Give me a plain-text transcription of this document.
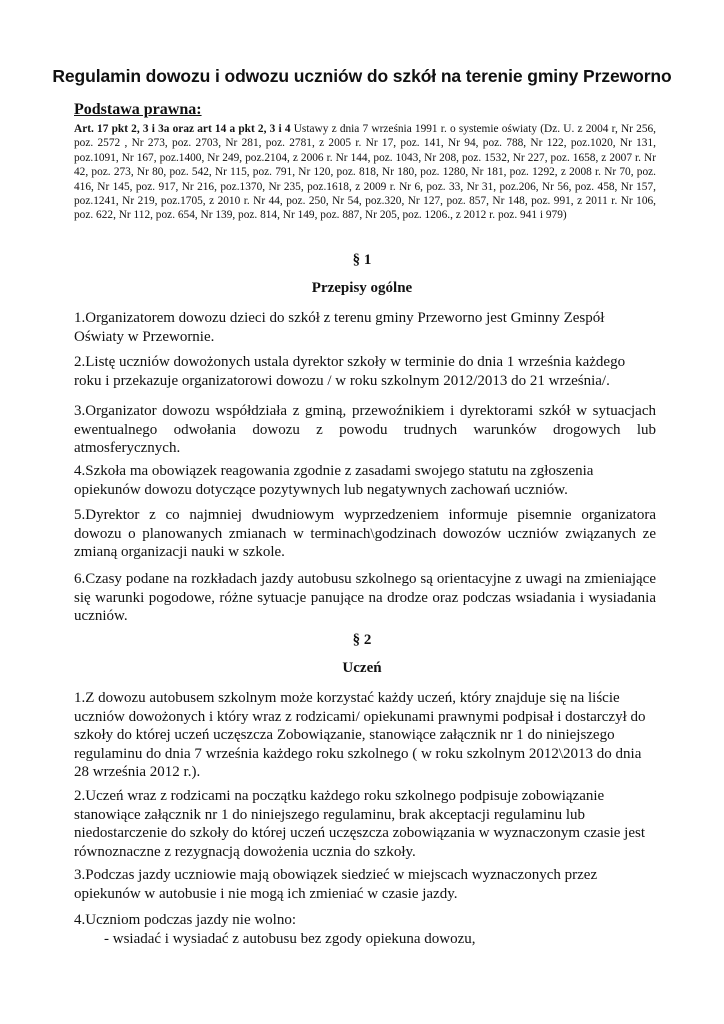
Regulamin dowozu i odwozu uczniów do szkół na terenie gminy Przeworno

Podstawa prawna:

Art. 17 pkt 2, 3 i 3a oraz art 14 a pkt 2, 3 i 4 Ustawy z dnia 7 września 1991 r. o systemie oświaty (Dz. U. z 2004 r, Nr 256, poz. 2572 , Nr 273, poz. 2703, Nr 281, poz. 2781, z 2005 r. Nr 17, poz. 141, Nr 94, poz. 788, Nr 122, poz.1020, Nr 131, poz.1091, Nr 167, poz.1400, Nr 249, poz.2104, z 2006 r. Nr 144, poz. 1043, Nr 208, poz. 1532, Nr 227, poz. 1658, z 2007 r. Nr 42, poz. 273, Nr 80, poz. 542, Nr 115, poz. 791, Nr 120, poz. 818, Nr 180, poz. 1280, Nr 181, poz. 1292, z 2008 r. Nr 70, poz. 416, Nr 145, poz. 917, Nr 216, poz.1370, Nr 235, poz.1618, z 2009 r. Nr 6, poz. 33, Nr 31, poz.206, Nr 56, poz. 458, Nr 157, poz.1241, Nr 219, poz.1705, z 2010 r. Nr 44, poz. 250, Nr 54, poz.320, Nr 127, poz. 857, Nr 148, poz. 991, z 2011 r. Nr 106, poz. 622, Nr 112, poz. 654, Nr 139, poz. 814, Nr 149, poz. 887, Nr 205, poz. 1206., z 2012 r. poz. 941 i 979)

§ 1

Przepisy ogólne

1.Organizatorem dowozu dzieci do szkół z terenu gminy Przeworno jest Gminny Zespół Oświaty w Przewornie.

2.Listę uczniów dowożonych ustala dyrektor szkoły w terminie do dnia 1 września każdego roku i przekazuje organizatorowi dowozu / w roku szkolnym 2012/2013 do 21 września/.

3.Organizator dowozu współdziała z gminą, przewoźnikiem i dyrektorami szkół w sytuacjach ewentualnego odwołania dowozu z powodu trudnych warunków drogowych lub atmosferycznych.

4.Szkoła ma obowiązek reagowania zgodnie z zasadami swojego statutu na zgłoszenia opiekunów dowozu dotyczące pozytywnych lub negatywnych zachowań uczniów.

5.Dyrektor z co najmniej dwudniowym wyprzedzeniem informuje pisemnie organizatora dowozu o planowanych zmianach w terminach\godzinach dowozów uczniów związanych ze zmianą organizacji nauki w szkole.

6.Czasy podane na rozkładach jazdy autobusu szkolnego są orientacyjne z uwagi na zmieniające się warunki pogodowe, różne sytuacje panujące na drodze oraz podczas wsiadania i wysiadania uczniów.

§ 2

Uczeń

1.Z dowozu autobusem szkolnym może korzystać każdy uczeń, który znajduje się na liście uczniów dowożonych i który wraz z rodzicami/ opiekunami prawnymi podpisał i dostarczył do szkoły do której uczeń uczęszcza Zobowiązanie, stanowiące załącznik nr 1 do niniejszego regulaminu do dnia 7 września każdego roku szkolnego ( w roku szkolnym 2012\2013 do dnia 28 września 2012 r.).

2.Uczeń wraz z rodzicami na początku każdego roku szkolnego podpisuje zobowiązanie stanowiące załącznik nr 1 do niniejszego regulaminu, brak akceptacji regulaminu lub niedostarczenie do szkoły do której uczeń uczęszcza zobowiązania w wyznaczonym czasie jest równoznaczne z rezygnacją dowożenia ucznia do szkoły.

3.Podczas jazdy uczniowie mają obowiązek siedzieć w miejscach wyznaczonych przez opiekunów w autobusie i nie mogą ich zmieniać w czasie jazdy.

4.Uczniom podczas jazdy nie wolno:

- wsiadać i wysiadać z autobusu bez zgody opiekuna dowozu,
